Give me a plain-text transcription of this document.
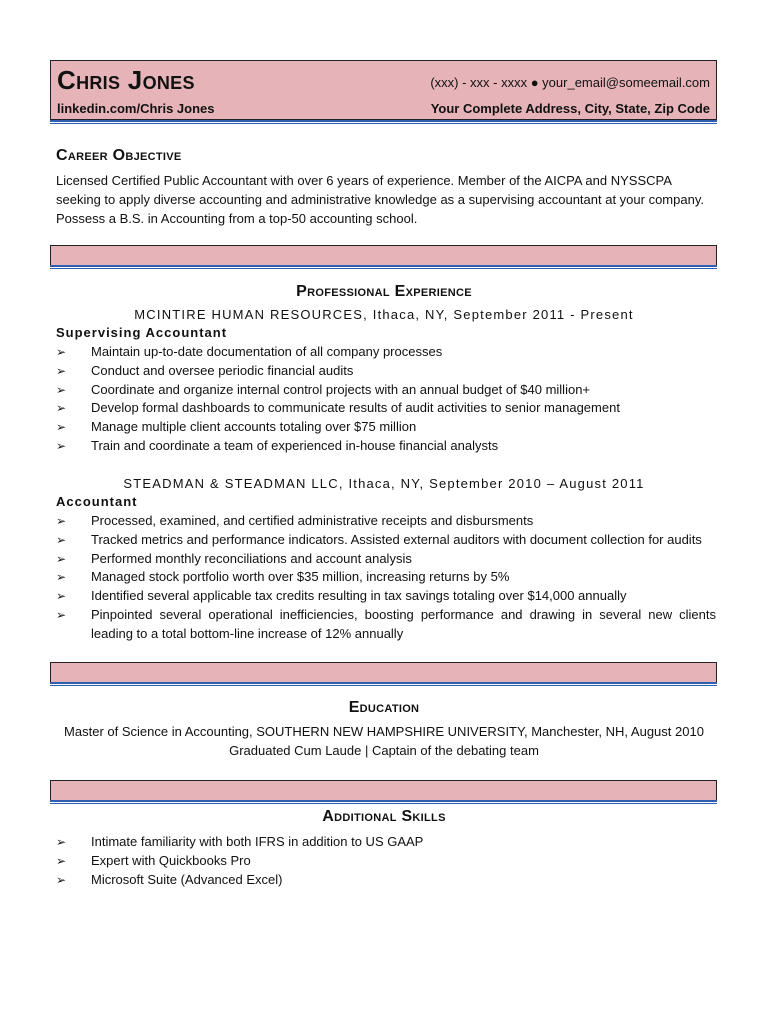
Chris Jones	(xxx) - xxx - xxxx ● your_email@someemail.com
linkedin.com/Chris Jones	Your Complete Address, City, State, Zip Code
Career Objective
Licensed Certified Public Accountant with over 6 years of experience. Member of the AICPA and NYSSCPA seeking to apply diverse accounting and administrative knowledge as a supervising accountant at your company. Possess a B.S. in Accounting from a top-50 accounting school.
Professional Experience
MCINTIRE HUMAN RESOURCES, Ithaca, NY, September 2011 - Present
Supervising Accountant
➢ Maintain up-to-date documentation of all company processes
➢ Conduct and oversee periodic financial audits
➢ Coordinate and organize internal control projects with an annual budget of $40 million+
➢ Develop formal dashboards to communicate results of audit activities to senior management
➢ Manage multiple client accounts totaling over $75 million
➢ Train and coordinate a team of experienced in-house financial analysts
STEADMAN & STEADMAN LLC, Ithaca, NY, September 2010 – August 2011
Accountant
➢ Processed, examined, and certified administrative receipts and disbursments
➢ Tracked metrics and performance indicators. Assisted external auditors with document collection for audits
➢ Performed monthly reconciliations and account analysis
➢ Managed stock portfolio worth over $35 million, increasing returns by 5%
➢ Identified several applicable tax credits resulting in tax savings totaling over $14,000 annually
➢ Pinpointed several operational inefficiencies, boosting performance and drawing in several new clients leading to a total bottom-line increase of 12% annually
Education
Master of Science in Accounting, SOUTHERN NEW HAMPSHIRE UNIVERSITY, Manchester, NH, August 2010
Graduated Cum Laude | Captain of the debating team
Additional Skills
➢ Intimate familiarity with both IFRS in addition to US GAAP
➢ Expert with Quickbooks Pro
➢ Microsoft Suite (Advanced Excel)
